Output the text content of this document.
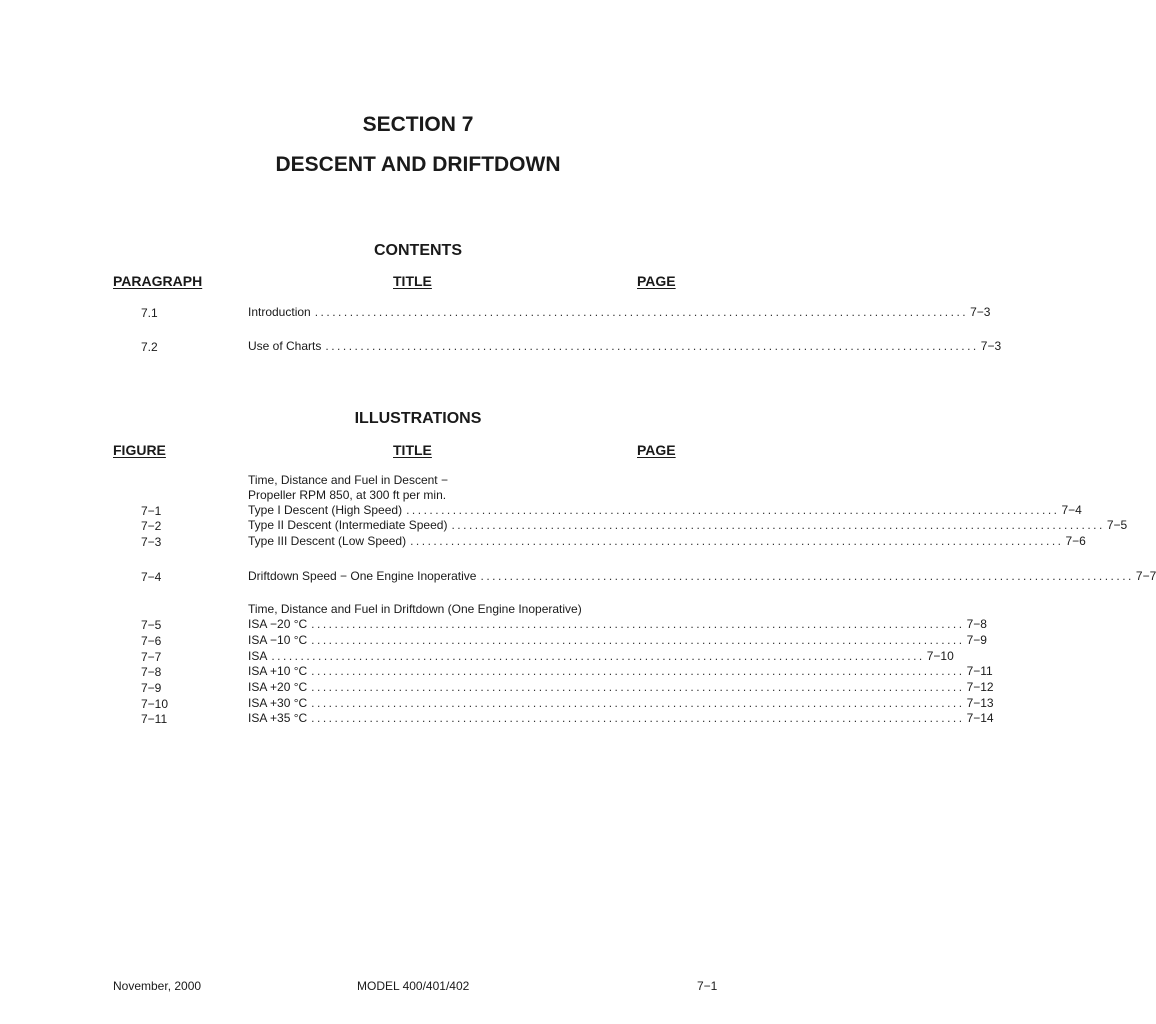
SECTION 7
DESCENT AND DRIFTDOWN
CONTENTS
PARAGRAPH	TITLE	PAGE
7.1	Introduction ................................................................................................................ 7−3
7.2	Use of Charts ................................................................................................................ 7−3
ILLUSTRATIONS
FIGURE	TITLE	PAGE
Time, Distance and Fuel in Descent −
Propeller RPM 850, at 300 ft per min.
7−1	Type I Descent (High Speed) ................................................................................................................ 7−4
7−2	Type II Descent (Intermediate Speed) ................................................................................................................ 7−5
7−3	Type III Descent (Low Speed) ................................................................................................................ 7−6
7−4	Driftdown Speed − One Engine Inoperative ................................................................................................................ 7−7
Time, Distance and Fuel in Driftdown (One Engine Inoperative)
7−5	ISA −20 °C ................................................................................................................ 7−8
7−6	ISA −10 °C ................................................................................................................ 7−9
7−7	ISA ................................................................................................................ 7−10
7−8	ISA +10 °C ................................................................................................................ 7−11
7−9	ISA +20 °C ................................................................................................................ 7−12
7−10	ISA +30 °C ................................................................................................................ 7−13
7−11	ISA +35 °C ................................................................................................................ 7−14
November, 2000	MODEL 400/401/402	7−1
